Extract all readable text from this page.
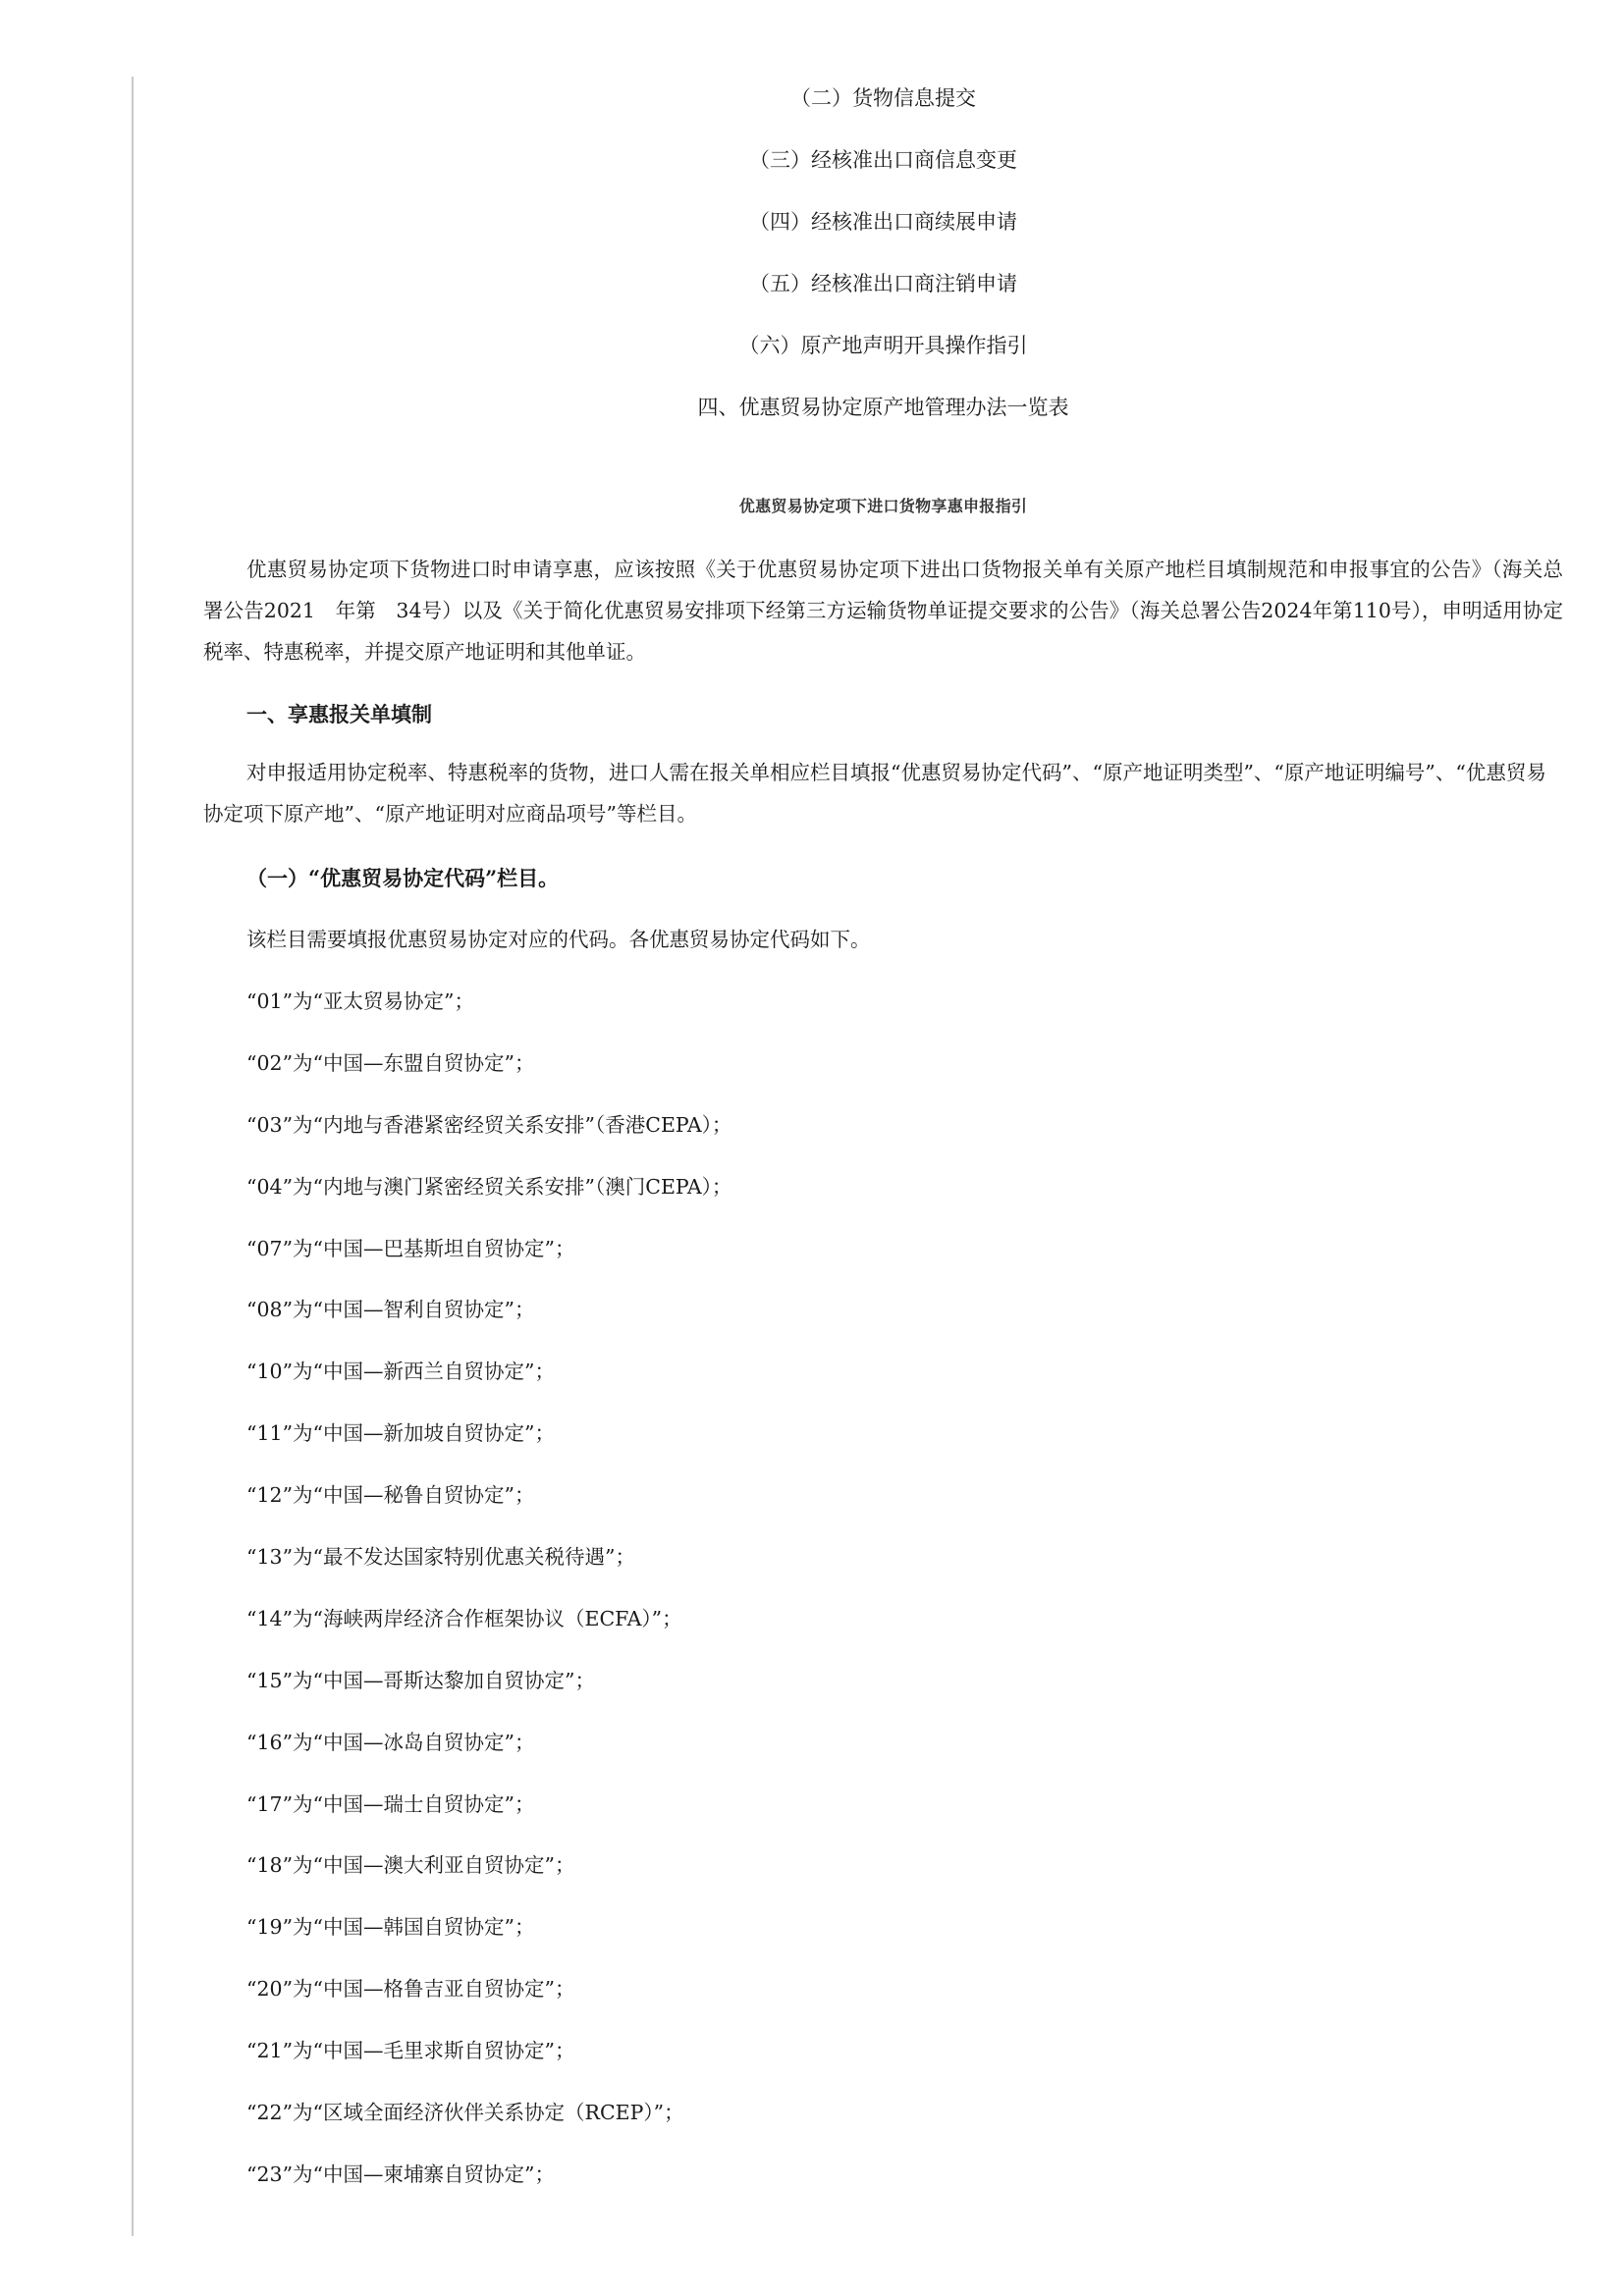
（二）货物信息提交
（三）经核准出口商信息变更
（四）经核准出口商续展申请
（五）经核准出口商注销申请
（六）原产地声明开具操作指引
四、优惠贸易协定原产地管理办法一览表
优惠贸易协定项下进口货物享惠申报指引

优惠贸易协定项下货物进口时申请享惠，应该按照《关于优惠贸易协定项下进出口货物报关单有关原产地栏目填制规范和申报事宜的公告》（海关总署公告2021　年第　34号）以及《关于简化优惠贸易安排项下经第三方运输货物单证提交要求的公告》（海关总署公告2024年第110号），申明适用协定税率、特惠税率，并提交原产地证明和其他单证。

一、享惠报关单填制

对申报适用协定税率、特惠税率的货物，进口人需在报关单相应栏目填报“优惠贸易协定代码”、“原产地证明类型”、“原产地证明编号”、“优惠贸易协定项下原产地”、“原产地证明对应商品项号”等栏目。

（一）“优惠贸易协定代码”栏目。
该栏目需要填报优惠贸易协定对应的代码。各优惠贸易协定代码如下。
“01”为“亚太贸易协定”；
“02”为“中国—东盟自贸协定”；
“03”为“内地与香港紧密经贸关系安排”（香港CEPA）；
“04”为“内地与澳门紧密经贸关系安排”（澳门CEPA）；
“07”为“中国—巴基斯坦自贸协定”；
“08”为“中国—智利自贸协定”；
“10”为“中国—新西兰自贸协定”；
“11”为“中国—新加坡自贸协定”；
“12”为“中国—秘鲁自贸协定”；
“13”为“最不发达国家特别优惠关税待遇”；
“14”为“海峡两岸经济合作框架协议（ECFA）”；
“15”为“中国—哥斯达黎加自贸协定”；
“16”为“中国—冰岛自贸协定”；
“17”为“中国—瑞士自贸协定”；
“18”为“中国—澳大利亚自贸协定”；
“19”为“中国—韩国自贸协定”；
“20”为“中国—格鲁吉亚自贸协定”；
“21”为“中国—毛里求斯自贸协定”；
“22”为“区域全面经济伙伴关系协定（RCEP）”；
“23”为“中国—柬埔寨自贸协定”；
